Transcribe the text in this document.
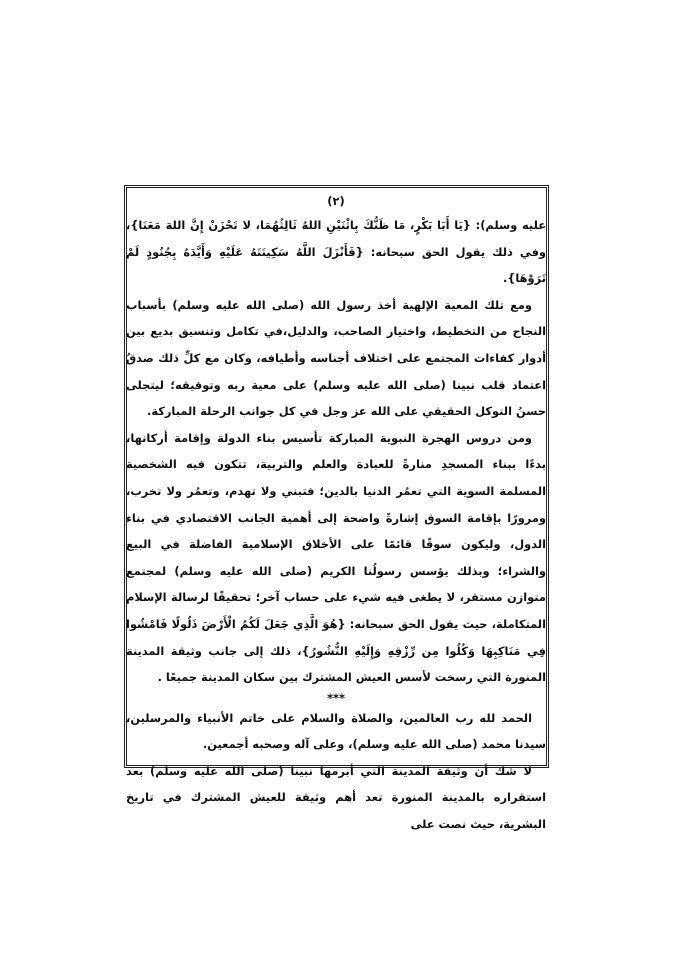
(٢)

عليه وسلم): {يَا أَبَا بَكْرٍ، مَا ظَنُّكَ بِاثْنَيْنِ اللهُ ثَالِثُهُمَا، لا تَحْزَنْ إِنَّ اللهَ مَعَنَا}، وفي ذلك يقول الحق سبحانه: {فَأَنْزَلَ اللَّهُ سَكِينَتَهُ عَلَيْهِ وَأَيَّدَهُ بِجُنُودٍ لَمْ تَرَوْهَا}.

ومع تلك المعية الإلهية أخذ رسول الله (صلى الله عليه وسلم) بأسباب النجاح من التخطيط، واختيار الصاحب، والدليل،في تكامل وتنسيق بديع بين أدوار كفاءات المجتمع على اختلاف أجناسه وأطيافه، وكان مع كلِّ ذلك صدقُ اعتماد قلب نبينا (صلى الله عليه وسلم) على معية ربه وتوفيقه؛ ليتجلى حسنُ التوكل الحقيقي على الله عز وجل في كل جوانب الرحلة المباركة.

ومن دروس الهجرة النبوية المباركة تأسيس بناء الدولة وإقامة أركانها، بدءًا ببناء المسجدِ منارةً للعبادة والعلم والتربية، تتكون فيه الشخصية المسلمة السوية التي تعمُر الدنيا بالدين؛ فتبني ولا تهدم، وتعمُر ولا تخرب، ومرورًا بإقامة السوق إشارةً واضحة إلى أهمية الجانب الاقتصادي في بناء الدول، وليكون سوقًا قائمًا على الأخلاق الإسلامية الفاضلة في البيع والشراء؛ وبذلك يؤسس رسولُنا الكريم (صلى الله عليه وسلم) لمجتمع متوازن مستقر، لا يطغى فيه شيء على حساب آخر؛ تحقيقًا لرسالة الإسلام المتكاملة، حيث يقول الحق سبحانه: {هُوَ الَّذِي جَعَلَ لَكُمُ الْأَرْضَ ذَلُولًا فَامْشُوا فِي مَنَاكِبِهَا وَكُلُوا مِن رِّزْقِهِ وَإِلَيْهِ النُّشُورُ}، ذلك إلى جانب وثيقة المدينة المنورة التي رسخت لأسس العيش المشترك بين سكان المدينة جميعًا .

***

الحمد لله رب العالمين، والصلاة والسلام على خاتم الأنبياء والمرسلين، سيدنا محمد (صلى الله عليه وسلم)، وعلى آله وصحبه أجمعين.

لا شك أن وثيقة المدينة التي أبرمها نبينا (صلى الله عليه وسلم) بعد استقراره بالمدينة المنورة تعد أهم وثيقة للعيش المشترك في تاريخ البشرية، حيث نصت على
